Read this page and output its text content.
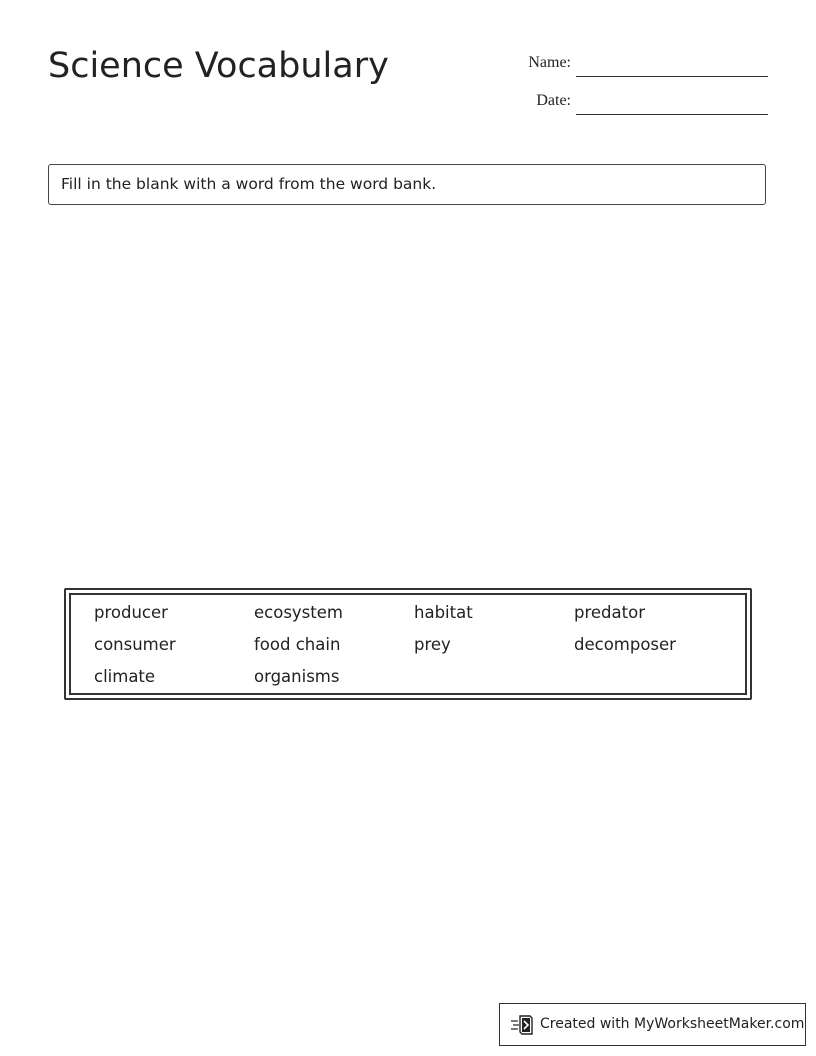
Science Vocabulary	Name:
Date:
Fill in the blank with a word from the word bank.
producer	ecosystem	habitat	predator
consumer	food chain	prey	decomposer
climate	organisms
Created with MyWorksheetMaker.com
